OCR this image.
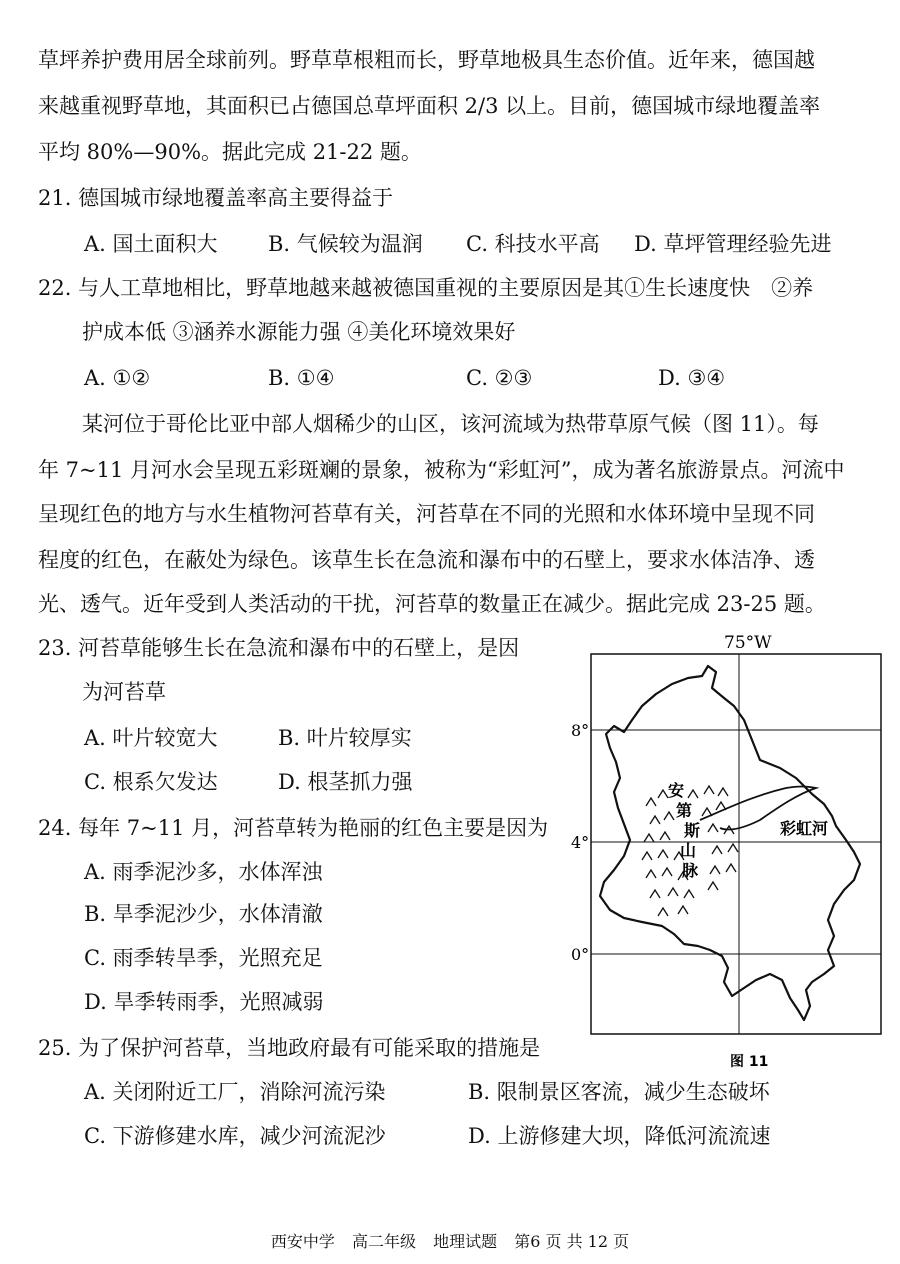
草坪养护费用居全球前列。野草草根粗而长，野草地极具生态价值。近年来，德国越
来越重视野草地，其面积已占德国总草坪面积 2/3 以上。目前，德国城市绿地覆盖率
平均 80%—90%。据此完成 21-22 题。
21. 德国城市绿地覆盖率高主要得益于
A. 国土面积大 B. 气候较为温润 C. 科技水平高 D. 草坪管理经验先进
22. 与人工草地相比，野草地越来越被德国重视的主要原因是其①生长速度快　②养
护成本低 ③涵养水源能力强 ④美化环境效果好
A. ①②	B. ①④	C. ②③	D. ③④
某河位于哥伦比亚中部人烟稀少的山区，该河流域为热带草原气候（图 11）。每
年 7~11 月河水会呈现五彩斑斓的景象，被称为“彩虹河”，成为著名旅游景点。河流中
呈现红色的地方与水生植物河苔草有关，河苔草在不同的光照和水体环境中呈现不同
程度的红色，在蔽处为绿色。该草生长在急流和瀑布中的石壁上，要求水体洁净、透
光、透气。近年受到人类活动的干扰，河苔草的数量正在减少。据此完成 23-25 题。
23. 河苔草能够生长在急流和瀑布中的石壁上，是因
为河苔草
A. 叶片较宽大	B. 叶片较厚实
C. 根系欠发达	D. 根茎抓力强
24. 每年 7~11 月，河苔草转为艳丽的红色主要是因为
A. 雨季泥沙多，水体浑浊
B. 旱季泥沙少，水体清澈
C. 雨季转旱季，光照充足
D. 旱季转雨季，光照减弱
25. 为了保护河苔草，当地政府最有可能采取的措施是
A. 关闭附近工厂，消除河流污染	B. 限制景区客流，减少生态破坏
C. 下游修建水库，减少河流泥沙	D. 上游修建大坝，降低河流流速
75°W
8°
4°
0°
安
第
斯
山
脉
彩虹河
图 11
西安中学 高二年级 地理试题 第6 页 共 12 页
